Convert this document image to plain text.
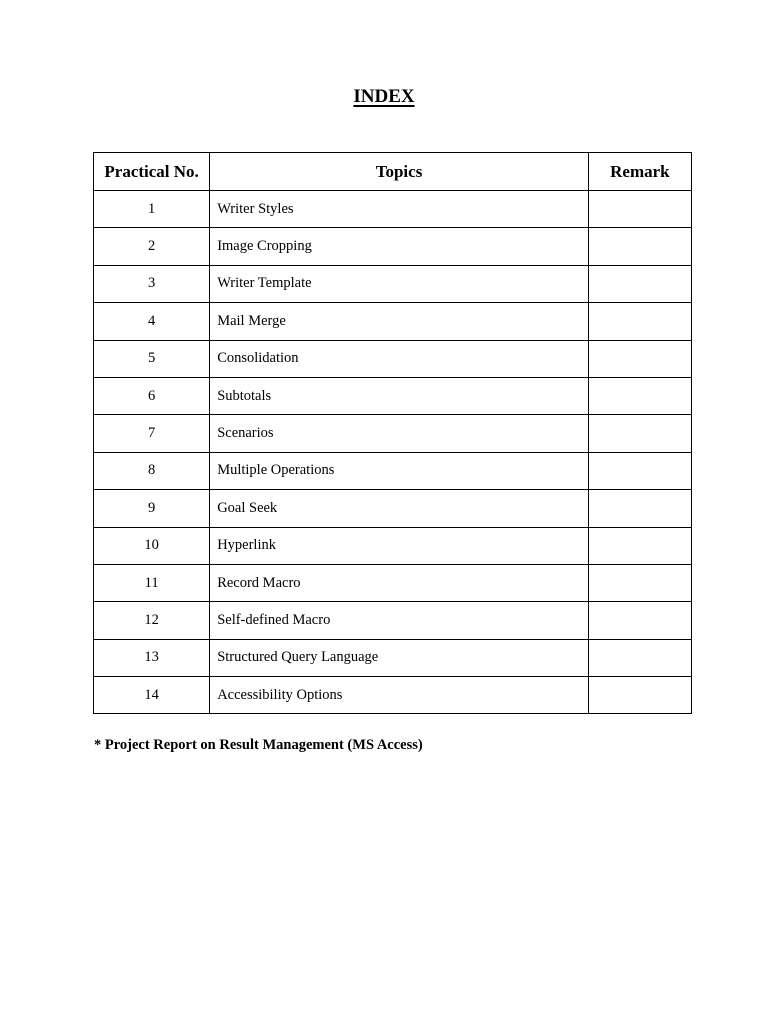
INDEX
Practical No.	Topics	Remark
1	Writer Styles	
2	Image Cropping	
3	Writer Template	
4	Mail Merge	
5	Consolidation	
6	Subtotals	
7	Scenarios	
8	Multiple Operations	
9	Goal Seek	
10	Hyperlink	
11	Record Macro	
12	Self-defined Macro	
13	Structured Query Language	
14	Accessibility Options	
* Project Report on Result Management (MS Access)
